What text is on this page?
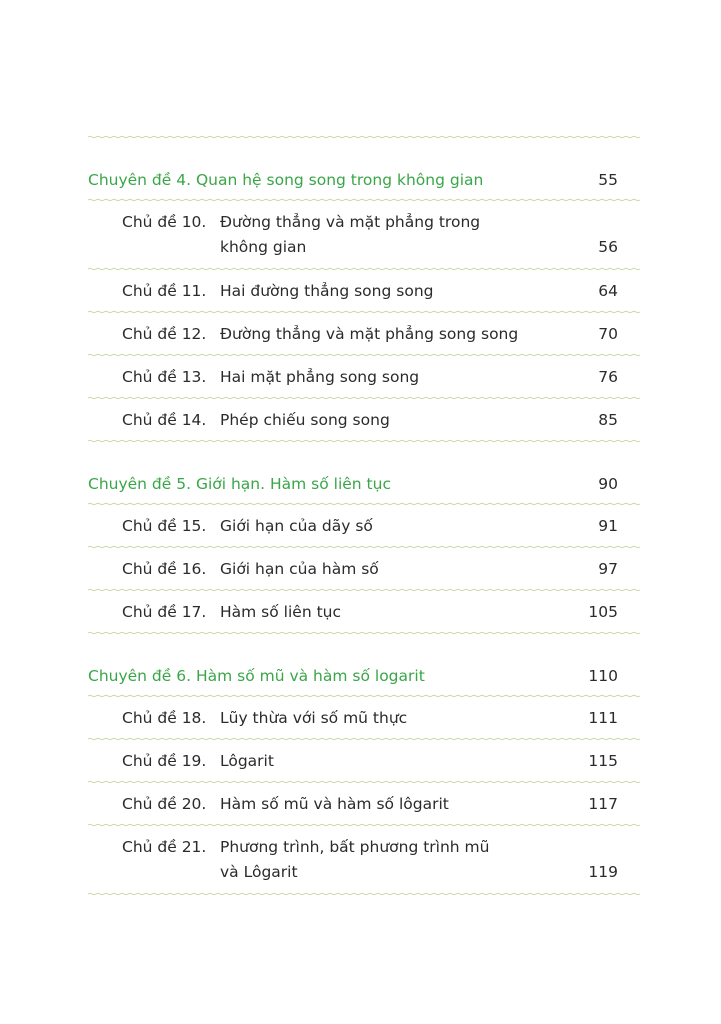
Chuyên đề 4. Quan hệ song song trong không gian	55
Chủ đề 10. Đường thẳng và mặt phẳng trong
không gian	56
Chủ đề 11. Hai đường thẳng song song	64
Chủ đề 12. Đường thẳng và mặt phẳng song song	70
Chủ đề 13. Hai mặt phẳng song song	76
Chủ đề 14. Phép chiếu song song	85
Chuyên đề 5. Giới hạn. Hàm số liên tục	90
Chủ đề 15. Giới hạn của dãy số	91
Chủ đề 16. Giới hạn của hàm số	97
Chủ đề 17. Hàm số liên tục	105
Chuyên đề 6. Hàm số mũ và hàm số logarit	110
Chủ đề 18. Lũy thừa với số mũ thực	111
Chủ đề 19. Lôgarit	115
Chủ đề 20. Hàm số mũ và hàm số lôgarit	117
Chủ đề 21. Phương trình, bất phương trình mũ
và Lôgarit	119
